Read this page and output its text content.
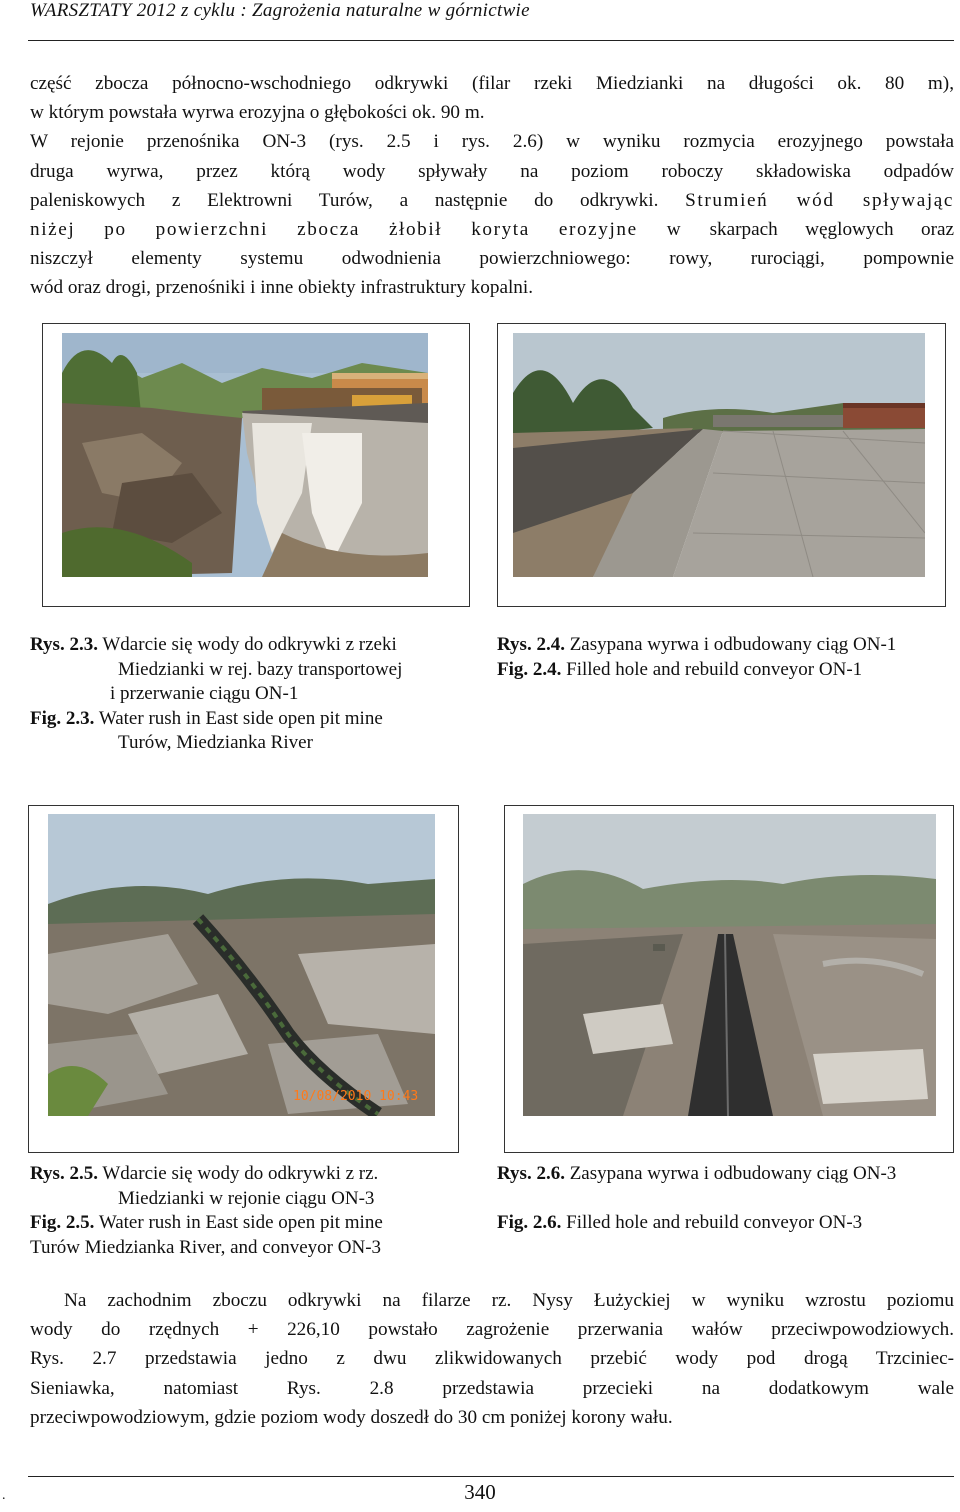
WARSZTATY 2012 z cyklu : Zagrożenia naturalne w górnictwie

część zbocza północno-wschodniego odkrywki (filar rzeki Miedzianki na długości ok. 80 m),

w którym powstała wyrwa erozyjna o głębokości ok. 90 m.

W rejonie przenośnika ON-3 (rys. 2.5 i rys. 2.6) w wyniku rozmycia erozyjnego powstała

druga wyrwa, przez którą wody spływały na poziom roboczy składowiska odpadów

paleniskowych z Elektrowni Turów, a następnie do odkrywki. Strumień wód spływając

niżej po powierzchni zbocza żłobił koryta erozyjne w skarpach węglowych oraz

niszczył elementy systemu odwodnienia powierzchniowego: rowy, rurociągi, pompownie

wód oraz drogi, przenośniki i inne obiekty infrastruktury kopalni.

10/08/2010 10:43
Rys. 2.3. Wdarcie się wody do odkrywki z rzeki
Miedzianki w rej. bazy transportowej
i przerwanie ciągu ON-1
Fig. 2.3. Water rush in East side open pit mine
Turów, Miedzianka River
Rys. 2.4. Zasypana wyrwa i odbudowany ciąg ON-1
Fig. 2.4. Filled hole and rebuild conveyor ON-1
Rys. 2.5. Wdarcie się wody do odkrywki z rz.
Miedzianki w rejonie ciągu ON-3
Fig. 2.5. Water rush in East side open pit mine
Turów Miedzianka River, and conveyor ON-3
Rys. 2.6. Zasypana wyrwa i odbudowany ciąg ON-3
Fig. 2.6. Filled hole and rebuild conveyor ON-3

Na zachodnim zboczu odkrywki na filarze rz. Nysy Łużyckiej w wyniku wzrostu poziomu

wody do rzędnych + 226,10 powstało zagrożenie przerwania wałów przeciwpowodziowych.

Rys. 2.7 przedstawia jedno z dwu zlikwidowanych przebić wody pod drogą Trzciniec-

Sieniawka, natomiast Rys. 2.8 przedstawia przecieki na dodatkowym wale

przeciwpowodziowym, gdzie poziom wody doszedł do 30 cm poniżej korony wału.

340
.
